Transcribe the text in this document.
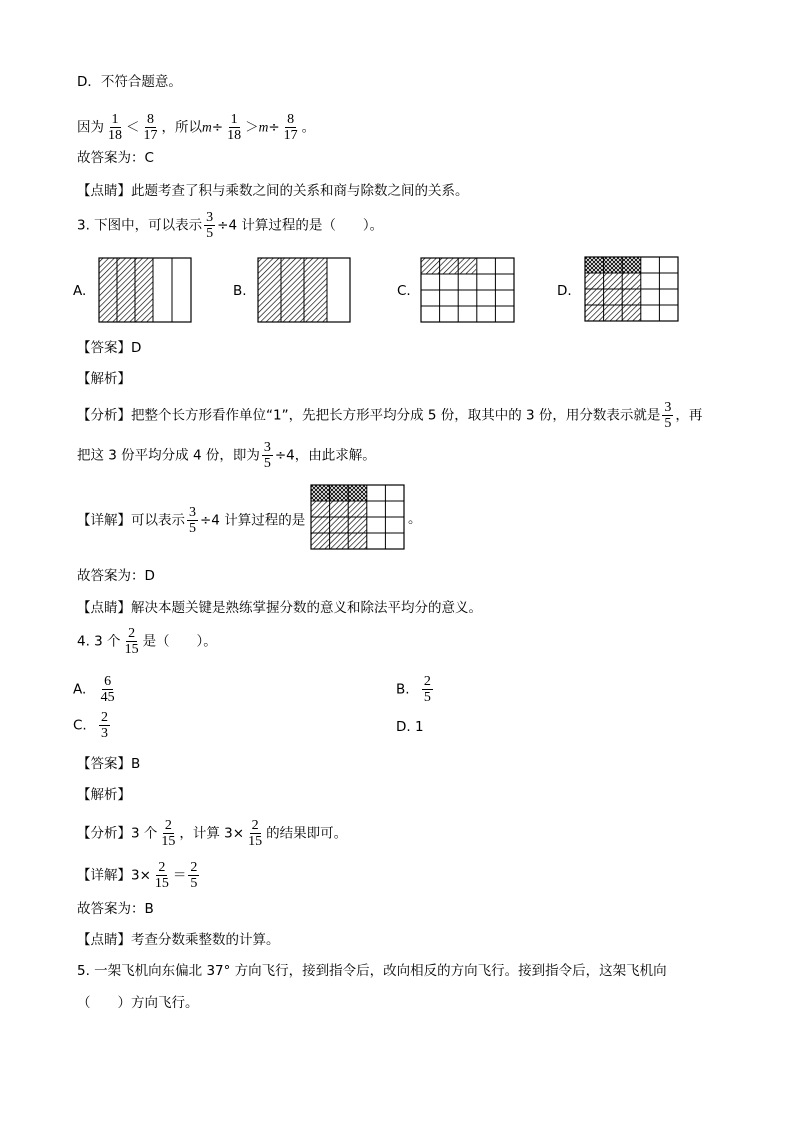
D．不符合题意。
因为 $\frac{1}{18} < \frac{8}{17}$ ，所以$m\div \frac{1}{18} >m\div \frac{8}{17}$ 。
故答案为：C
【点睛】此题考查了积与乘数之间的关系和商与除数之间的关系。
3. 下图中，可以表示 $\frac{3}{5} \div 4$ 计算过程的是（　　）。
A.	B.	C.	D.
【答案】D
【解析】
【分析】把整个长方形看作单位“1”，先把长方形平均分成 5 份，取其中的 3 份，用分数表示就是 $\frac{3}{5}$ ，再
把这 3 份平均分成 4 份，即为 $\frac{3}{5} \div 4$，由此求解。
【详解】可以表示 $\frac{3}{5} \div 4$ 计算过程的是	。
故答案为：D
【点睛】解决本题关键是熟练掌握分数的意义和除法平均分的意义。
4. 3 个 $\frac{2}{15}$ 是（　　）。
A. $\frac{6}{45}$	B. $\frac{2}{5}$
C. $\frac{2}{3}$	D. 1
【答案】B
【解析】
【分析】3 个 $\frac{2}{15}$ ，计算 $3\times \frac{2}{15}$ 的结果即可。
【详解】$3\times \frac{2}{15} = \frac{2}{5}$
故答案为：B
【点睛】考查分数乘整数的计算。
5. 一架飞机向东偏北 37° 方向飞行，接到指令后，改向相反的方向飞行。接到指令后，这架飞机向
（　　）方向飞行。
